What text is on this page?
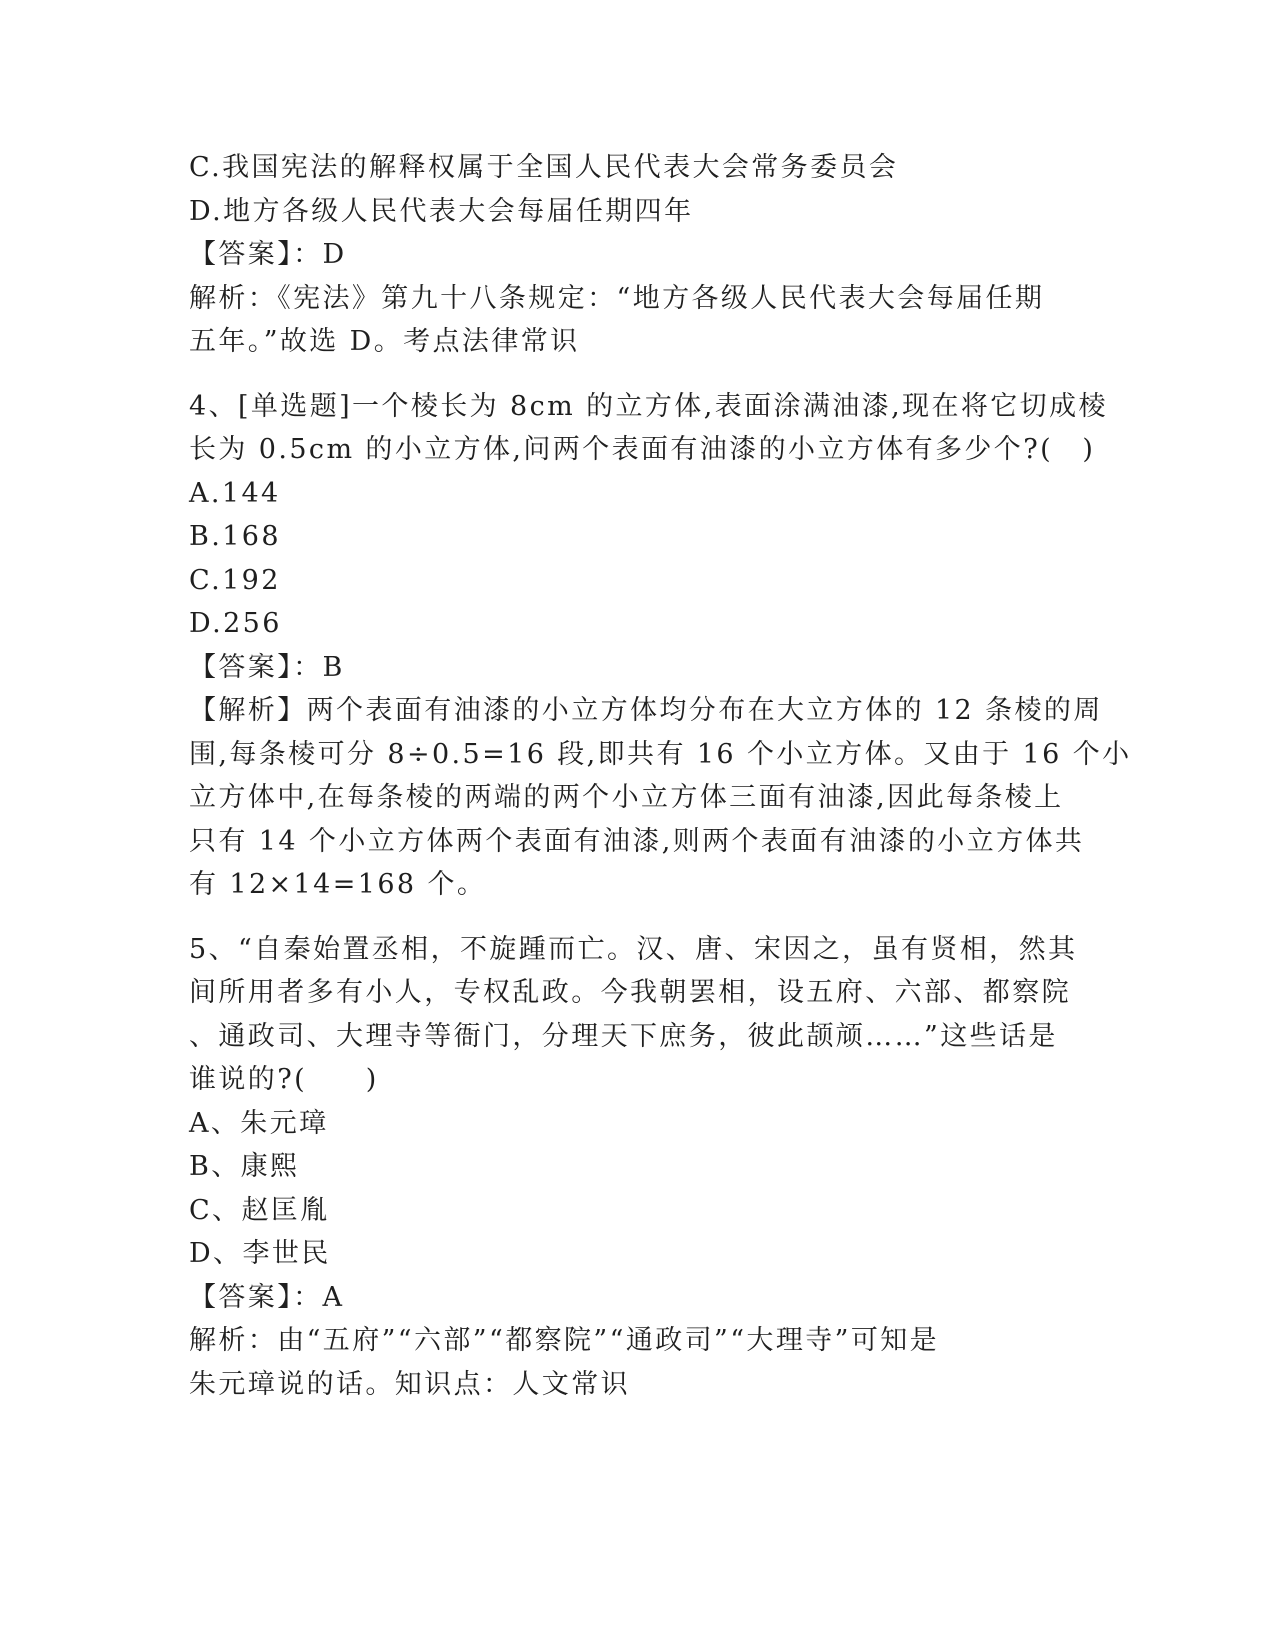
C.我国宪法的解释权属于全国人民代表大会常务委员会
D.地方各级人民代表大会每届任期四年
【答案】：D
解析：《宪法》第九十八条规定：“地方各级人民代表大会每届任期
五年。”故选 D。考点法律常识
4、[单选题]一个棱长为 8cm 的立方体,表面涂满油漆,现在将它切成棱
长为 0.5cm 的小立方体,问两个表面有油漆的小立方体有多少个?(　)
A.144
B.168
C.192
D.256
【答案】：B
【解析】两个表面有油漆的小立方体均分布在大立方体的 12 条棱的周
围,每条棱可分 8÷0.5=16 段,即共有 16 个小立方体。又由于 16 个小
立方体中,在每条棱的两端的两个小立方体三面有油漆,因此每条棱上
只有 14 个小立方体两个表面有油漆,则两个表面有油漆的小立方体共
有 12×14=168 个。
5、“自秦始置丞相，不旋踵而亡。汉、唐、宋因之，虽有贤相，然其
间所用者多有小人，专权乱政。今我朝罢相，设五府、六部、都察院
、通政司、大理寺等衙门，分理天下庶务，彼此颉颃……”这些话是
谁说的?(　　)
A、朱元璋
B、康熙
C、赵匡胤
D、李世民
【答案】：A
解析：由“五府”“六部”“都察院”“通政司”“大理寺”可知是
朱元璋说的话。知识点：人文常识
